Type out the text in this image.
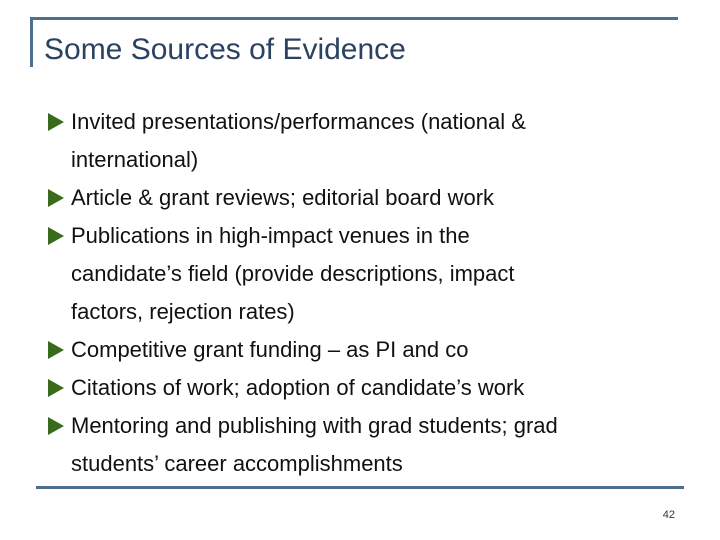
Some Sources of Evidence
Invited presentations/performances (national &
international)
Article & grant reviews; editorial board work
Publications in high-impact venues in the
candidate’s field (provide descriptions, impact
factors, rejection rates)
Competitive grant funding – as PI and co
Citations of work; adoption of candidate’s work
Mentoring and publishing with grad students; grad
students’ career accomplishments
42
